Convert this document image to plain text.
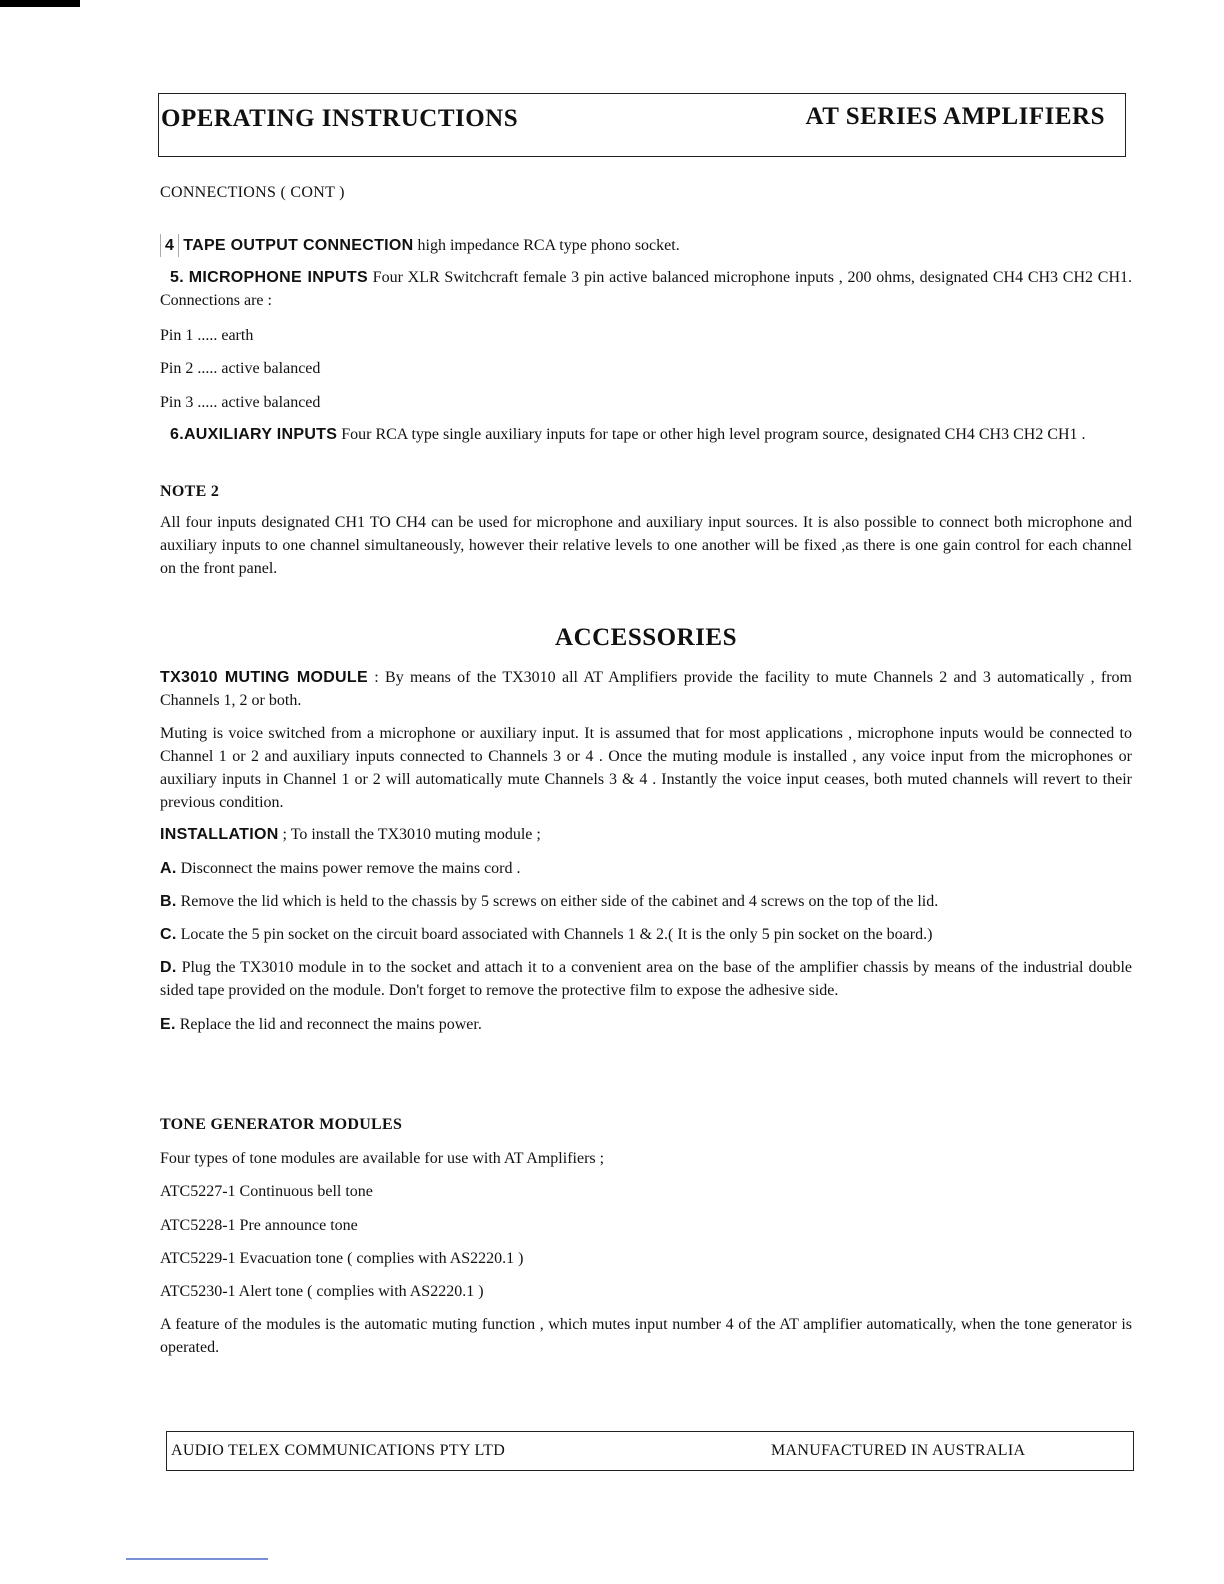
OPERATING INSTRUCTIONS	AT SERIES AMPLIFIERS
CONNECTIONS ( CONT )
4 TAPE OUTPUT CONNECTION high impedance RCA type phono socket.
5. MICROPHONE INPUTS Four XLR Switchcraft female 3 pin active balanced microphone inputs , 200 ohms, designated CH4 CH3 CH2 CH1. Connections are :
Pin 1 ..... earth
Pin 2 ..... active balanced
Pin 3 ..... active balanced
6.AUXILIARY INPUTS Four RCA type single auxiliary inputs for tape or other high level program source, designated CH4 CH3 CH2 CH1 .
NOTE 2
All four inputs designated CH1 TO CH4 can be used for microphone and auxiliary input sources. It is also possible to connect both microphone and auxiliary inputs to one channel simultaneously, however their relative levels to one another will be fixed ,as there is one gain control for each channel on the front panel.
ACCESSORIES
TX3010 MUTING MODULE : By means of the TX3010 all AT Amplifiers provide the facility to mute Channels 2 and 3 automatically , from Channels 1, 2 or both.
Muting is voice switched from a microphone or auxiliary input. It is assumed that for most applications , microphone inputs would be connected to Channel 1 or 2 and auxiliary inputs connected to Channels 3 or 4 . Once the muting module is installed , any voice input from the microphones or auxiliary inputs in Channel 1 or 2 will automatically mute Channels 3 & 4 . Instantly the voice input ceases, both muted channels will revert to their previous condition.
INSTALLATION ; To install the TX3010 muting module ;
A. Disconnect the mains power remove the mains cord .
B. Remove the lid which is held to the chassis by 5 screws on either side of the cabinet and 4 screws on the top of the lid.
C. Locate the 5 pin socket on the circuit board associated with Channels 1 & 2.( It is the only 5 pin socket on the board.)
D. Plug the TX3010 module in to the socket and attach it to a convenient area on the base of the amplifier chassis by means of the industrial double sided tape provided on the module. Don't forget to remove the protective film to expose the adhesive side.
E. Replace the lid and reconnect the mains power.
TONE GENERATOR MODULES
Four types of tone modules are available for use with AT Amplifiers ;
ATC5227-1 Continuous bell tone
ATC5228-1 Pre announce tone
ATC5229-1 Evacuation tone ( complies with AS2220.1 )
ATC5230-1 Alert tone ( complies with AS2220.1 )
A feature of the modules is the automatic muting function , which mutes input number 4 of the AT amplifier automatically, when the tone generator is operated.
AUDIO TELEX COMMUNICATIONS PTY LTD	MANUFACTURED IN AUSTRALIA
